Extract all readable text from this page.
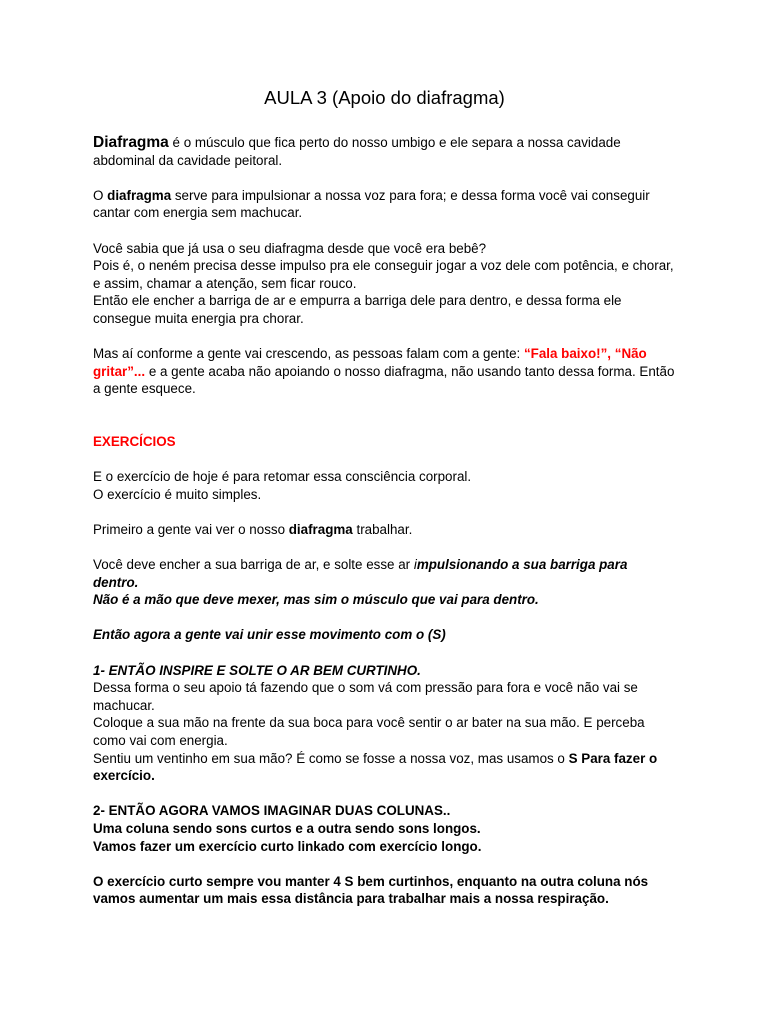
AULA 3 (Apoio do diafragma)

Diafragma é o músculo que fica perto do nosso umbigo e ele separa a nossa cavidade abdominal da cavidade peitoral.

O diafragma serve para impulsionar a nossa voz para fora; e dessa forma você vai conseguir cantar com energia sem machucar.

Você sabia que já usa o seu diafragma desde que você era bebê?

Pois é, o neném precisa desse impulso pra ele conseguir jogar a voz dele com potência, e chorar, e assim, chamar a atenção, sem ficar rouco.

Então ele encher a barriga de ar e empurra a barriga dele para dentro, e dessa forma ele consegue muita energia pra chorar.

Mas aí conforme a gente vai crescendo, as pessoas falam com a gente: “Fala baixo!”, “Não gritar”... e a gente acaba não apoiando o nosso diafragma, não usando tanto dessa forma. Então a gente esquece.

EXERCÍCIOS

E o exercício de hoje é para retomar essa consciência corporal.

O exercício é muito simples.

Primeiro a gente vai ver o nosso diafragma trabalhar.

Você deve encher a sua barriga de ar, e solte esse ar impulsionando a sua barriga para dentro.

Não é a mão que deve mexer, mas sim o músculo que vai para dentro.

Então agora a gente vai unir esse movimento com o (S)

1- ENTÃO INSPIRE E SOLTE O AR BEM CURTINHO.

Dessa forma o seu apoio tá fazendo que o som vá com pressão para fora e você não vai se machucar.

Coloque a sua mão na frente da sua boca para você sentir o ar bater na sua mão. E perceba como vai com energia.

Sentiu um ventinho em sua mão? É como se fosse a nossa voz, mas usamos o S Para fazer o exercício.

2- ENTÃO AGORA VAMOS IMAGINAR DUAS COLUNAS..

Uma coluna sendo sons curtos e a outra sendo sons longos.

Vamos fazer um exercício curto linkado com exercício longo.

O exercício curto sempre vou manter 4 S bem curtinhos, enquanto na outra coluna nós vamos aumentar um mais essa distância para trabalhar mais a nossa respiração.
